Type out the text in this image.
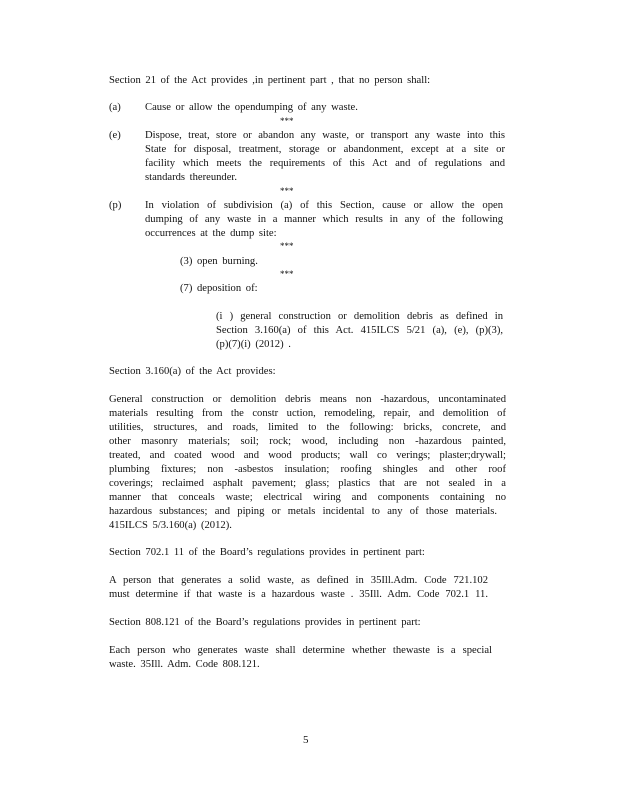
Section 21 of the Act provides ,in pertinent part , that no person shall:
(a) Cause or allow the opendumping of any waste.
***
(e) Dispose, treat, store or abandon any waste, or transport any waste into this
State for disposal, treatment, storage or abandonment, except at a site or
facility which meets the requirements of this Act and of regulations and
standards thereunder.
***
(p) In violation of subdivision (a) of this Section, cause or allow the open
dumping of any waste in a manner which results in any of the following
occurrences at the dump site:
***
(3) open burning.
***
(7) deposition of:
(i ) general construction or demolition debris as defined in
Section 3.160(a) of this Act. 415ILCS 5/21 (a), (e), (p)(3),
(p)(7)(i) (2012) .
Section 3.160(a) of the Act provides:
General construction or demolition debris means non -hazardous, uncontaminated
materials resulting from the constr uction, remodeling, repair, and demolition of
utilities, structures, and roads, limited to the following: bricks, concrete, and
other masonry materials; soil; rock; wood, including non -hazardous painted,
treated, and coated wood and wood products; wall co verings; plaster;drywall;
plumbing fixtures; non -asbestos insulation; roofing shingles and other roof
coverings; reclaimed asphalt pavement; glass; plastics that are not sealed in a
manner that conceals waste; electrical wiring and components containing no
hazardous substances; and piping or metals incidental to any of those materials.
415ILCS 5/3.160(a) (2012).
Section 702.1 11 of the Board’s regulations provides in pertinent part:
A person that generates a solid waste, as defined in 35Ill.Adm. Code 721.102
must determine if that waste is a hazardous waste . 35Ill. Adm. Code 702.1 11.
Section 808.121 of the Board’s regulations provides in pertinent part:
Each person who generates waste shall determine whether thewaste is a special
waste. 35Ill. Adm. Code 808.121.
5
